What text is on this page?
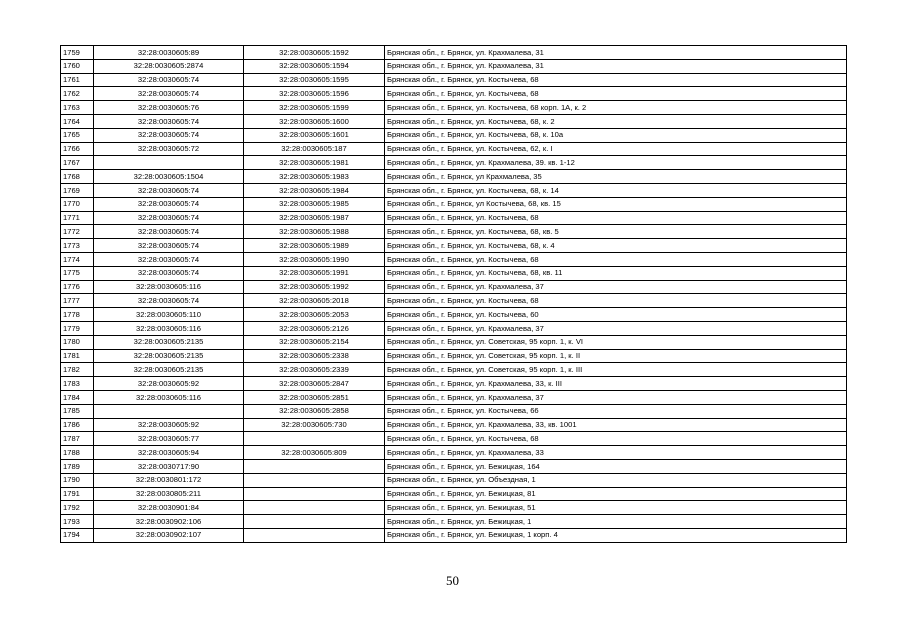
1759	32:28:0030605:89	32:28:0030605:1592	Брянская обл., г. Брянск, ул. Крахмалева, 31
1760	32:28:0030605:2874	32:28:0030605:1594	Брянская обл., г. Брянск, ул. Крахмалева, 31
1761	32:28:0030605:74	32:28:0030605:1595	Брянская обл., г. Брянск, ул. Костычева, 68
1762	32:28:0030605:74	32:28:0030605:1596	Брянская обл., г. Брянск, ул. Костычева, 68
1763	32:28:0030605:76	32:28:0030605:1599	Брянская обл., г. Брянск, ул. Костычева, 68 корп. 1А, к. 2
1764	32:28:0030605:74	32:28:0030605:1600	Брянская обл., г. Брянск, ул. Костычева, 68, к. 2
1765	32:28:0030605:74	32:28:0030605:1601	Брянская обл., г. Брянск, ул. Костычева, 68, к. 10а
1766	32:28:0030605:72	32:28:0030605:187	Брянская обл., г. Брянск, ул. Костычева, 62, к. I
1767		32:28:0030605:1981	Брянская обл., г. Брянск, ул. Крахмалева, 39. кв. 1-12
1768	32:28:0030605:1504	32:28:0030605:1983	Брянская обл., г. Брянск, ул Крахмалева, 35
1769	32:28:0030605:74	32:28:0030605:1984	Брянская обл., г. Брянск, ул. Костычева, 68, к. 14
1770	32:28:0030605:74	32:28:0030605:1985	Брянская обл., г. Брянск, ул Костычева, 68, кв. 15
1771	32:28:0030605:74	32:28:0030605:1987	Брянская обл., г. Брянск, ул. Костычева, 68
1772	32:28:0030605:74	32:28:0030605:1988	Брянская обл., г. Брянск, ул. Костычева, 68, кв. 5
1773	32:28:0030605:74	32:28:0030605:1989	Брянская обл., г. Брянск, ул. Костычева, 68, к. 4
1774	32:28:0030605:74	32:28:0030605:1990	Брянская обл., г. Брянск, ул. Костычева, 68
1775	32:28:0030605:74	32:28:0030605:1991	Брянская обл., г. Брянск, ул. Костычева, 68, кв. 11
1776	32:28:0030605:116	32:28:0030605:1992	Брянская обл., г. Брянск, ул. Крахмалева, 37
1777	32:28:0030605:74	32:28:0030605:2018	Брянская обл., г. Брянск, ул. Костычева, 68
1778	32:28:0030605:110	32:28:0030605:2053	Брянская обл., г. Брянск, ул. Костычева, 60
1779	32:28:0030605:116	32:28:0030605:2126	Брянская обл., г. Брянск, ул. Крахмалева, 37
1780	32:28:0030605:2135	32:28:0030605:2154	Брянская обл., г. Брянск, ул. Советская, 95 корп. 1, к. VI
1781	32:28:0030605:2135	32:28:0030605:2338	Брянская обл., г. Брянск, ул. Советская, 95 корп. 1, к. II
1782	32:28:0030605:2135	32:28:0030605:2339	Брянская обл., г. Брянск, ул. Советская, 95 корп. 1, к. III
1783	32:28:0030605:92	32:28:0030605:2847	Брянская обл., г. Брянск, ул. Крахмалева, 33, к. III
1784	32:28:0030605:116	32:28:0030605:2851	Брянская обл., г. Брянск, ул. Крахмалева, 37
1785		32:28:0030605:2858	Брянская обл., г. Брянск, ул. Костычева, 66
1786	32:28:0030605:92	32:28:0030605:730	Брянская обл., г. Брянск, ул. Крахмалева, 33, кв. 1001
1787	32:28:0030605:77		Брянская обл., г. Брянск, ул. Костычева, 68
1788	32:28:0030605:94	32:28:0030605:809	Брянская обл., г. Брянск, ул. Крахмалева, 33
1789	32:28:0030717:90		Брянская обл., г. Брянск, ул. Бежицкая, 164
1790	32:28:0030801:172		Брянская обл., г. Брянск, ул. Объездная, 1
1791	32:28:0030805:211		Брянская обл., г. Брянск, ул. Бежицкая, 81
1792	32:28:0030901:84		Брянская обл., г. Брянск, ул. Бежицкая, 51
1793	32:28:0030902:106		Брянская обл., г. Брянск, ул. Бежицкая, 1
1794	32:28:0030902:107		Брянская обл., г. Брянск, ул. Бежицкая, 1 корп. 4
50
